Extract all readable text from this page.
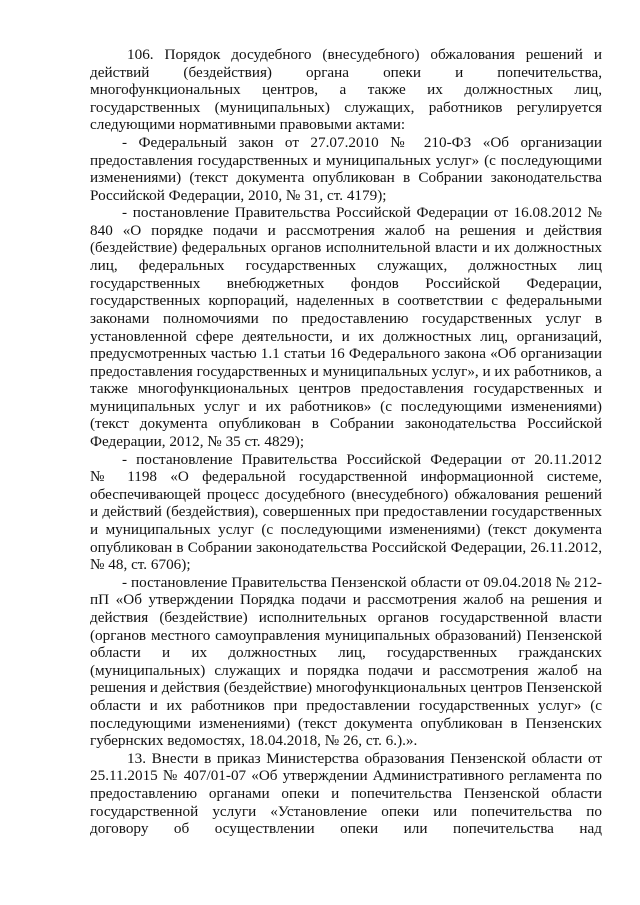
106. Порядок досудебного (внесудебного) обжалования решений и
действий (бездействия) органа опеки и попечительства,
многофункциональных центров, а также их должностных лиц,
государственных (муниципальных) служащих, работников регулируется
следующими нормативными правовыми актами:
- Федеральный закон от 27.07.2010 № 210-ФЗ «Об организации
предоставления государственных и муниципальных услуг» (с последующими
изменениями) (текст документа опубликован в Собрании законодательства
Российской Федерации, 2010, № 31, ст. 4179);
- постановление Правительства Российской Федерации от 16.08.2012 №
840 «О порядке подачи и рассмотрения жалоб на решения и действия
(бездействие) федеральных органов исполнительной власти и их должностных
лиц, федеральных государственных служащих, должностных лиц
государственных внебюджетных фондов Российской Федерации,
государственных корпораций, наделенных в соответствии с федеральными
законами полномочиями по предоставлению государственных услуг в
установленной сфере деятельности, и их должностных лиц, организаций,
предусмотренных частью 1.1 статьи 16 Федерального закона «Об организации
предоставления государственных и муниципальных услуг», и их работников, а
также многофункциональных центров предоставления государственных и
муниципальных услуг и их работников» (с последующими изменениями)
(текст документа опубликован в Собрании законодательства Российской
Федерации, 2012, № 35 ст. 4829);
- постановление Правительства Российской Федерации от 20.11.2012
№ 1198 «О федеральной государственной информационной системе,
обеспечивающей процесс досудебного (внесудебного) обжалования решений
и действий (бездействия), совершенных при предоставлении государственных
и муниципальных услуг (с последующими изменениями) (текст документа
опубликован в Собрании законодательства Российской Федерации, 26.11.2012,
№ 48, ст. 6706);
- постановление Правительства Пензенской области от 09.04.2018 № 212-
пП «Об утверждении Порядка подачи и рассмотрения жалоб на решения и
действия (бездействие) исполнительных органов государственной власти
(органов местного самоуправления муниципальных образований) Пензенской
области и их должностных лиц, государственных гражданских
(муниципальных) служащих и порядка подачи и рассмотрения жалоб на
решения и действия (бездействие) многофункциональных центров Пензенской
области и их работников при предоставлении государственных услуг» (с
последующими изменениями) (текст документа опубликован в Пензенских
губернских ведомостях, 18.04.2018, № 26, ст. 6.).».
13. Внести в приказ Министерства образования Пензенской области от
25.11.2015 № 407/01-07 «Об утверждении Административного регламента по
предоставлению органами опеки и попечительства Пензенской области
государственной услуги «Установление опеки или попечительства по
договору об осуществлении опеки или попечительства над
